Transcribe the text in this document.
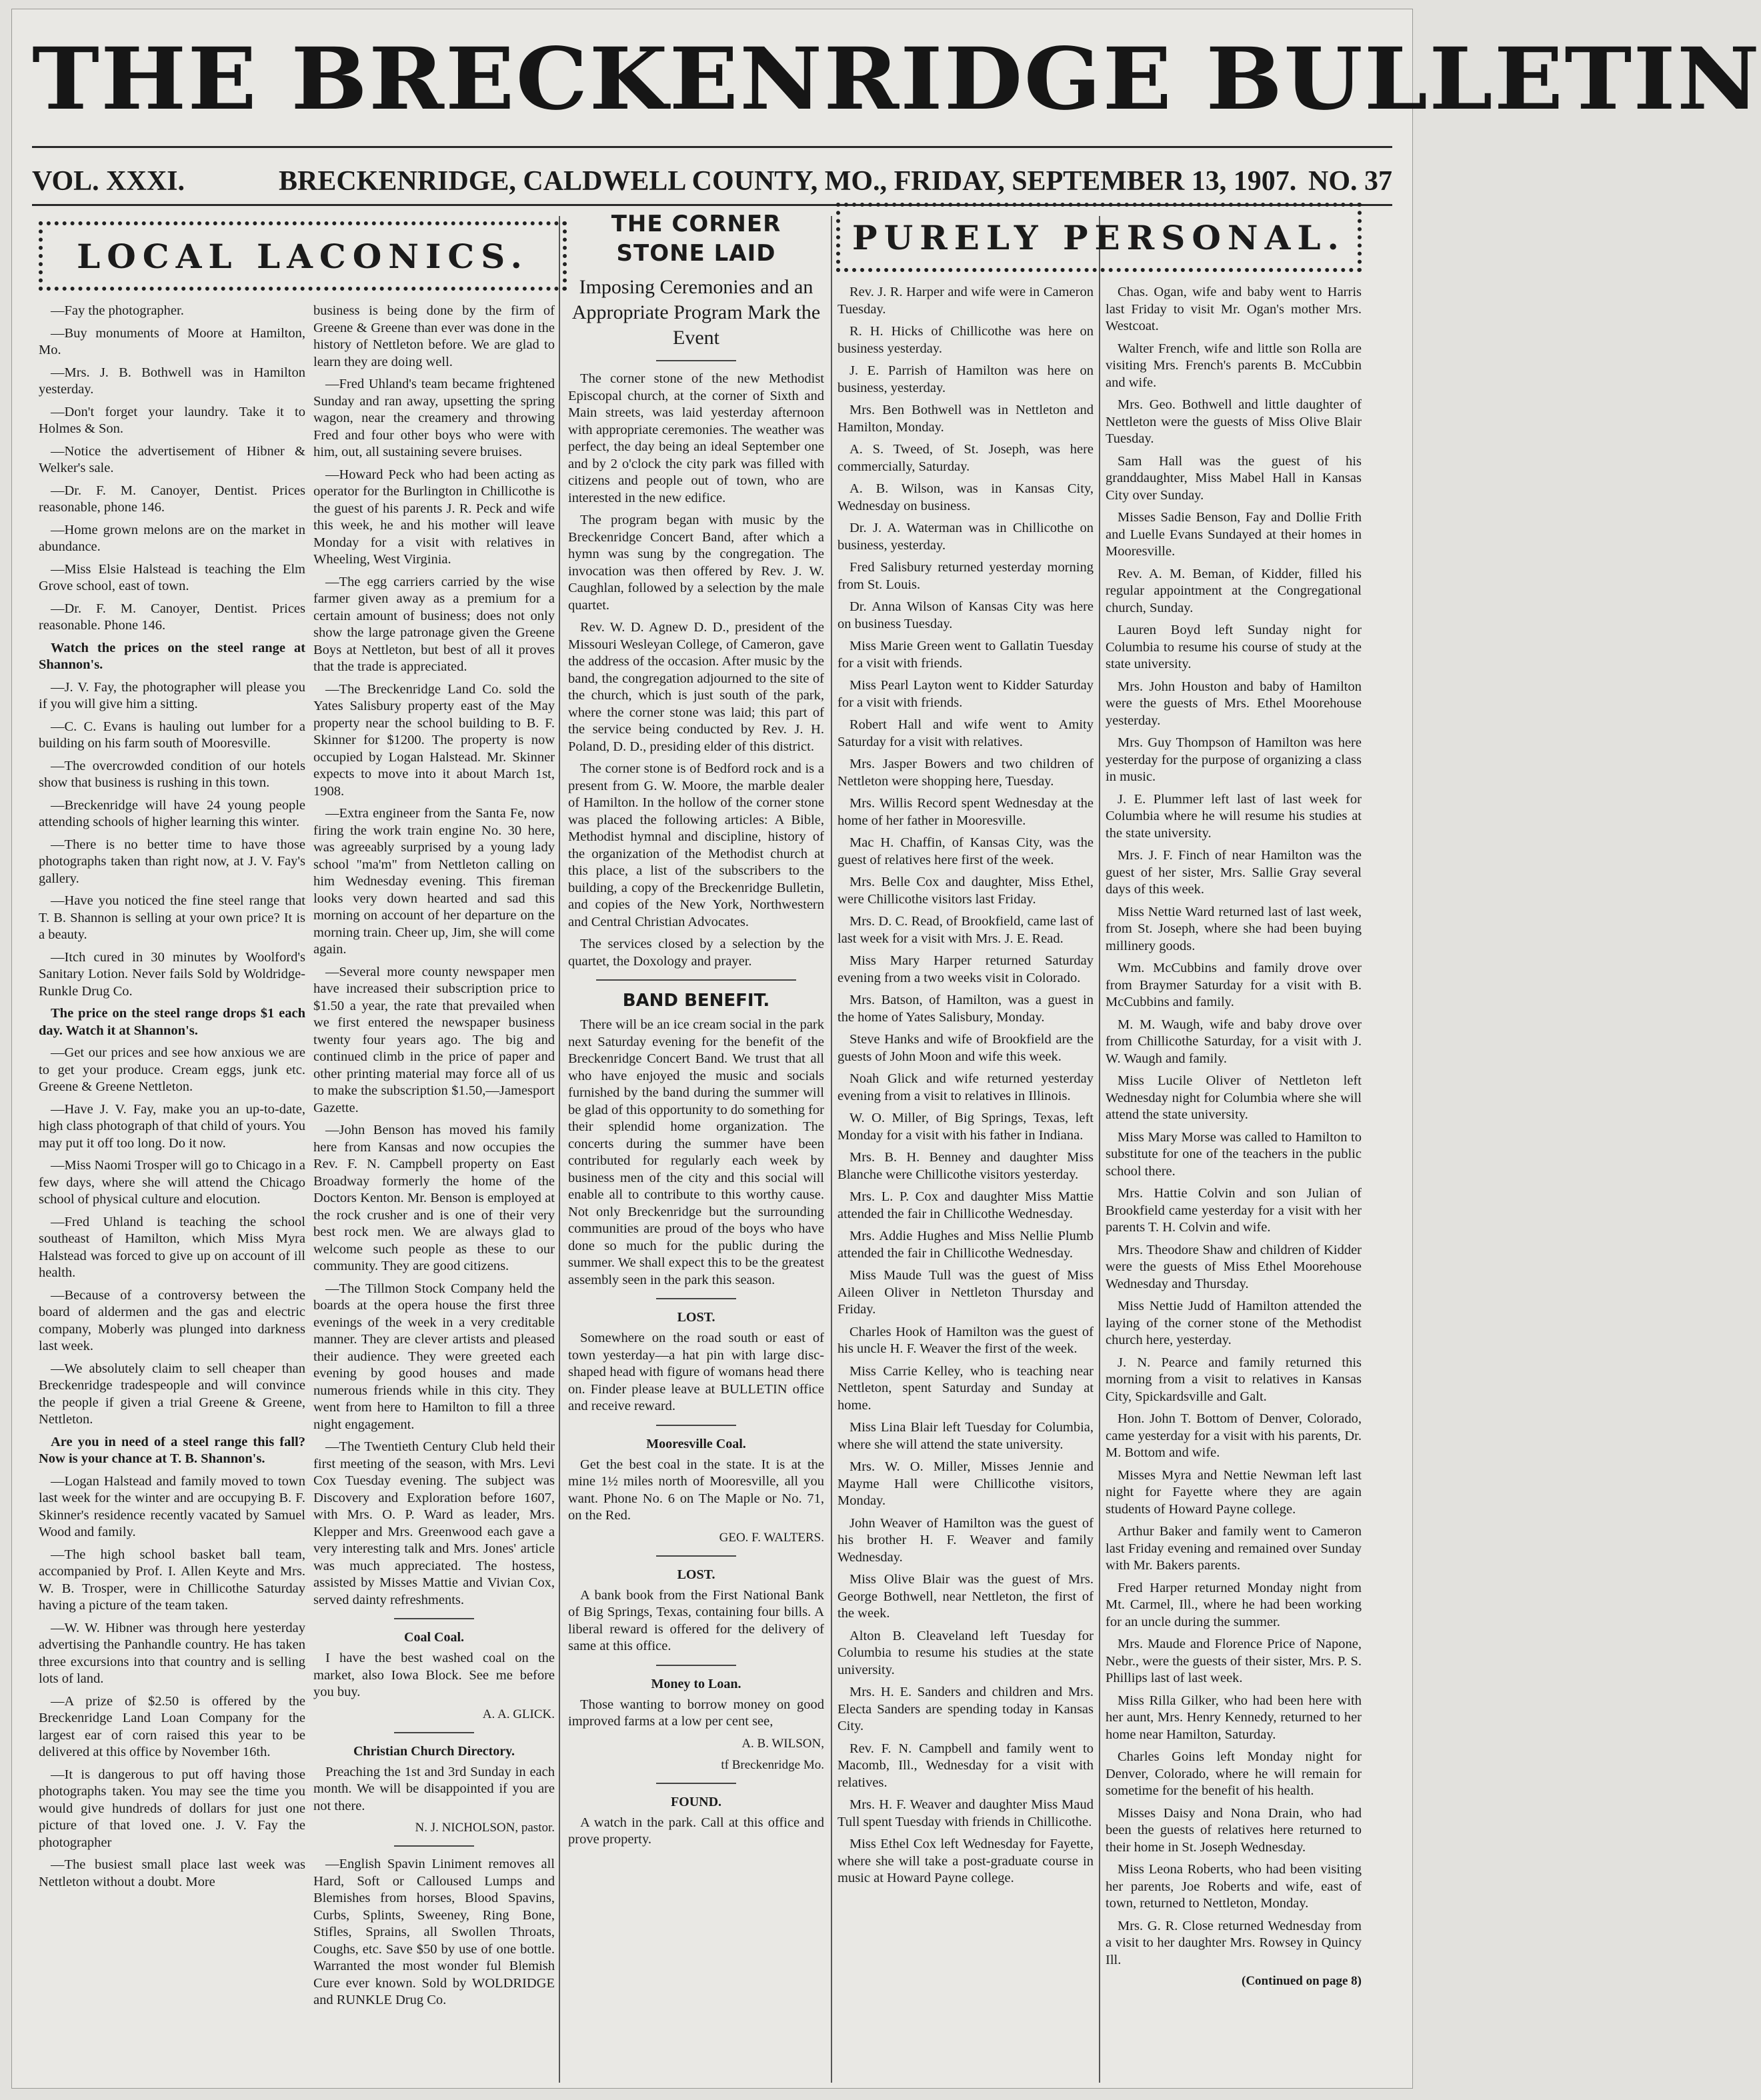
THE BRECKENRIDGE BULLETIN
VOL. XXXI.	BRECKENRIDGE, CALDWELL COUNTY, MO., FRIDAY, SEPTEMBER 13, 1907. NO. 37
LOCAL LACONICS.	PURELY PERSONAL.

—Fay the photographer.

—Buy monuments of Moore at Hamilton, Mo.

—Mrs. J. B. Bothwell was in Hamilton yesterday.

—Don't forget your laundry. Take it to Holmes & Son.

—Notice the advertisement of Hibner & Welker's sale.

—Dr. F. M. Canoyer, Dentist. Prices reasonable, phone 146.

—Home grown melons are on the market in abundance.

—Miss Elsie Halstead is teaching the Elm Grove school, east of town.

—Dr. F. M. Canoyer, Dentist. Prices reasonable. Phone 146.

Watch the prices on the steel range at Shannon's.

—J. V. Fay, the photographer will please you if you will give him a sitting.

—C. C. Evans is hauling out lumber for a building on his farm south of Mooresville.

—The overcrowded condition of our hotels show that business is rushing in this town.

—Breckenridge will have 24 young people attending schools of higher learning this winter.

—There is no better time to have those photographs taken than right now, at J. V. Fay's gallery.

—Have you noticed the fine steel range that T. B. Shannon is selling at your own price? It is a beauty.

—Itch cured in 30 minutes by Woolford's Sanitary Lotion. Never fails Sold by Woldridge-Runkle Drug Co.

The price on the steel range drops $1 each day. Watch it at Shannon's.

—Get our prices and see how anxious we are to get your produce. Cream eggs, junk etc. Greene & Greene Nettleton.

—Have J. V. Fay, make you an up-to-date, high class photograph of that child of yours. You may put it off too long. Do it now.

—Miss Naomi Trosper will go to Chicago in a few days, where she will attend the Chicago school of physical culture and elocution.

—Fred Uhland is teaching the school southeast of Hamilton, which Miss Myra Halstead was forced to give up on account of ill health.

—Because of a controversy between the board of aldermen and the gas and electric company, Moberly was plunged into darkness last week.

—We absolutely claim to sell cheaper than Breckenridge tradespeople and will convince the people if given a trial Greene & Greene, Nettleton.

Are you in need of a steel range this fall? Now is your chance at T. B. Shannon's.

—Logan Halstead and family moved to town last week for the winter and are occupying B. F. Skinner's residence recently vacated by Samuel Wood and family.

—The high school basket ball team, accompanied by Prof. I. Allen Keyte and Mrs. W. B. Trosper, were in Chillicothe Saturday having a picture of the team taken.

—W. W. Hibner was through here yesterday advertising the Panhandle country. He has taken three excursions into that country and is selling lots of land.

—A prize of $2.50 is offered by the Breckenridge Land Loan Company for the largest ear of corn raised this year to be delivered at this office by November 16th.

—It is dangerous to put off having those photographs taken. You may see the time you would give hundreds of dollars for just one picture of that loved one. J. V. Fay the photographer

—The busiest small place last week was Nettleton without a doubt. More

business is being done by the firm of Greene & Greene than ever was done in the history of Nettleton before. We are glad to learn they are doing well.

—Fred Uhland's team became frightened Sunday and ran away, upsetting the spring wagon, near the creamery and throwing Fred and four other boys who were with him, out, all sustaining severe bruises.

—Howard Peck who had been acting as operator for the Burlington in Chillicothe is the guest of his parents J. R. Peck and wife this week, he and his mother will leave Monday for a visit with relatives in Wheeling, West Virginia.

—The egg carriers carried by the wise farmer given away as a premium for a certain amount of business; does not only show the large patronage given the Greene Boys at Nettleton, but best of all it proves that the trade is appreciated.

—The Breckenridge Land Co. sold the Yates Salisbury property east of the May property near the school building to B. F. Skinner for $1200. The property is now occupied by Logan Halstead. Mr. Skinner expects to move into it about March 1st, 1908.

—Extra engineer from the Santa Fe, now firing the work train engine No. 30 here, was agreeably surprised by a young lady school "ma'm" from Nettleton calling on him Wednesday evening. This fireman looks very down hearted and sad this morning on account of her departure on the morning train. Cheer up, Jim, she will come again.

—Several more county newspaper men have increased their subscription price to $1.50 a year, the rate that prevailed when we first entered the newspaper business twenty four years ago. The big and continued climb in the price of paper and other printing material may force all of us to make the subscription $1.50,—Jamesport Gazette.

—John Benson has moved his family here from Kansas and now occupies the Rev. F. N. Campbell property on East Broadway formerly the home of the Doctors Kenton. Mr. Benson is employed at the rock crusher and is one of their very best rock men. We are always glad to welcome such people as these to our community. They are good citizens.

—The Tillmon Stock Company held the boards at the opera house the first three evenings of the week in a very creditable manner. They are clever artists and pleased their audience. They were greeted each evening by good houses and made numerous friends while in this city. They went from here to Hamilton to fill a three night engagement.

—The Twentieth Century Club held their first meeting of the season, with Mrs. Levi Cox Tuesday evening. The subject was Discovery and Exploration before 1607, with Mrs. O. P. Ward as leader, Mrs. Klepper and Mrs. Greenwood each gave a very interesting talk and Mrs. Jones' article was much appreciated. The hostess, assisted by Misses Mattie and Vivian Cox, served dainty refreshments.

Coal Coal.

I have the best washed coal on the market, also Iowa Block. See me before you buy.

A. A. GLICK.
Christian Church Directory.

Preaching the 1st and 3rd Sunday in each month. We will be disappointed if you are not there.

N. J. NICHOLSON, pastor.

—English Spavin Liniment removes all Hard, Soft or Calloused Lumps and Blemishes from horses, Blood Spavins, Curbs, Splints, Sweeney, Ring Bone, Stifles, Sprains, all Swollen Throats, Coughs, etc. Save $50 by use of one bottle. Warranted the most wonder ful Blemish Cure ever known. Sold by WOLDRIDGE and RUNKLE Drug Co.

THE CORNER STONE LAID
Imposing Ceremonies and an Appropriate Program Mark the Event

The corner stone of the new Methodist Episcopal church, at the corner of Sixth and Main streets, was laid yesterday afternoon with appropriate ceremonies. The weather was perfect, the day being an ideal September one and by 2 o'clock the city park was filled with citizens and people out of town, who are interested in the new edifice.

The program began with music by the Breckenridge Concert Band, after which a hymn was sung by the congregation. The invocation was then offered by Rev. J. W. Caughlan, followed by a selection by the male quartet.

Rev. W. D. Agnew D. D., president of the Missouri Wesleyan College, of Cameron, gave the address of the occasion. After music by the band, the congregation adjourned to the site of the church, which is just south of the park, where the corner stone was laid; this part of the service being conducted by Rev. J. H. Poland, D. D., presiding elder of this district.

The corner stone is of Bedford rock and is a present from G. W. Moore, the marble dealer of Hamilton. In the hollow of the corner stone was placed the following articles: A Bible, Methodist hymnal and discipline, history of the organization of the Methodist church at this place, a list of the subscribers to the building, a copy of the Breckenridge Bulletin, and copies of the New York, Northwestern and Central Christian Advocates.

The services closed by a selection by the quartet, the Doxology and prayer.

BAND BENEFIT.

There will be an ice cream social in the park next Saturday evening for the benefit of the Breckenridge Concert Band. We trust that all who have enjoyed the music and socials furnished by the band during the summer will be glad of this opportunity to do something for their splendid home organization. The concerts during the summer have been contributed for regularly each week by business men of the city and this social will enable all to contribute to this worthy cause. Not only Breckenridge but the surrounding communities are proud of the boys who have done so much for the public during the summer. We shall expect this to be the greatest assembly seen in the park this season.

LOST.

Somewhere on the road south or east of town yesterday—a hat pin with large disc-shaped head with figure of womans head there on. Finder please leave at BULLETIN office and receive reward.

Mooresville Coal.

Get the best coal in the state. It is at the mine 1½ miles north of Mooresville, all you want. Phone No. 6 on The Maple or No. 71, on the Red.

GEO. F. WALTERS.
LOST.

A bank book from the First National Bank of Big Springs, Texas, containing four bills. A liberal reward is offered for the delivery of same at this office.

Money to Loan.

Those wanting to borrow money on good improved farms at a low per cent see,

A. B. WILSON,
tf Breckenridge Mo.
FOUND.

A watch in the park. Call at this office and prove property.

Rev. J. R. Harper and wife were in Cameron Tuesday.

R. H. Hicks of Chillicothe was here on business yesterday.

J. E. Parrish of Hamilton was here on business, yesterday.

Mrs. Ben Bothwell was in Nettleton and Hamilton, Monday.

A. S. Tweed, of St. Joseph, was here commercially, Saturday.

A. B. Wilson, was in Kansas City, Wednesday on business.

Dr. J. A. Waterman was in Chillicothe on business, yesterday.

Fred Salisbury returned yesterday morning from St. Louis.

Dr. Anna Wilson of Kansas City was here on business Tuesday.

Miss Marie Green went to Gallatin Tuesday for a visit with friends.

Miss Pearl Layton went to Kidder Saturday for a visit with friends.

Robert Hall and wife went to Amity Saturday for a visit with relatives.

Mrs. Jasper Bowers and two children of Nettleton were shopping here, Tuesday.

Mrs. Willis Record spent Wednesday at the home of her father in Mooresville.

Mac H. Chaffin, of Kansas City, was the guest of relatives here first of the week.

Mrs. Belle Cox and daughter, Miss Ethel, were Chillicothe visitors last Friday.

Mrs. D. C. Read, of Brookfield, came last of last week for a visit with Mrs. J. E. Read.

Miss Mary Harper returned Saturday evening from a two weeks visit in Colorado.

Mrs. Batson, of Hamilton, was a guest in the home of Yates Salisbury, Monday.

Steve Hanks and wife of Brookfield are the guests of John Moon and wife this week.

Noah Glick and wife returned yesterday evening from a visit to relatives in Illinois.

W. O. Miller, of Big Springs, Texas, left Monday for a visit with his father in Indiana.

Mrs. B. H. Benney and daughter Miss Blanche were Chillicothe visitors yesterday.

Mrs. L. P. Cox and daughter Miss Mattie attended the fair in Chillicothe Wednesday.

Mrs. Addie Hughes and Miss Nellie Plumb attended the fair in Chillicothe Wednesday.

Miss Maude Tull was the guest of Miss Aileen Oliver in Nettleton Thursday and Friday.

Charles Hook of Hamilton was the guest of his uncle H. F. Weaver the first of the week.

Miss Carrie Kelley, who is teaching near Nettleton, spent Saturday and Sunday at home.

Miss Lina Blair left Tuesday for Columbia, where she will attend the state university.

Mrs. W. O. Miller, Misses Jennie and Mayme Hall were Chillicothe visitors, Monday.

John Weaver of Hamilton was the guest of his brother H. F. Weaver and family Wednesday.

Miss Olive Blair was the guest of Mrs. George Bothwell, near Nettleton, the first of the week.

Alton B. Cleaveland left Tuesday for Columbia to resume his studies at the state university.

Mrs. H. E. Sanders and children and Mrs. Electa Sanders are spending today in Kansas City.

Rev. F. N. Campbell and family went to Macomb, Ill., Wednesday for a visit with relatives.

Mrs. H. F. Weaver and daughter Miss Maud Tull spent Tuesday with friends in Chillicothe.

Miss Ethel Cox left Wednesday for Fayette, where she will take a post-graduate course in music at Howard Payne college.

Chas. Ogan, wife and baby went to Harris last Friday to visit Mr. Ogan's mother Mrs. Westcoat.

Walter French, wife and little son Rolla are visiting Mrs. French's parents B. McCubbin and wife.

Mrs. Geo. Bothwell and little daughter of Nettleton were the guests of Miss Olive Blair Tuesday.

Sam Hall was the guest of his granddaughter, Miss Mabel Hall in Kansas City over Sunday.

Misses Sadie Benson, Fay and Dollie Frith and Luelle Evans Sundayed at their homes in Mooresville.

Rev. A. M. Beman, of Kidder, filled his regular appointment at the Congregational church, Sunday.

Lauren Boyd left Sunday night for Columbia to resume his course of study at the state university.

Mrs. John Houston and baby of Hamilton were the guests of Mrs. Ethel Moorehouse yesterday.

Mrs. Guy Thompson of Hamilton was here yesterday for the purpose of organizing a class in music.

J. E. Plummer left last of last week for Columbia where he will resume his studies at the state university.

Mrs. J. F. Finch of near Hamilton was the guest of her sister, Mrs. Sallie Gray several days of this week.

Miss Nettie Ward returned last of last week, from St. Joseph, where she had been buying millinery goods.

Wm. McCubbins and family drove over from Braymer Saturday for a visit with B. McCubbins and family.

M. M. Waugh, wife and baby drove over from Chillicothe Saturday, for a visit with J. W. Waugh and family.

Miss Lucile Oliver of Nettleton left Wednesday night for Columbia where she will attend the state university.

Miss Mary Morse was called to Hamilton to substitute for one of the teachers in the public school there.

Mrs. Hattie Colvin and son Julian of Brookfield came yesterday for a visit with her parents T. H. Colvin and wife.

Mrs. Theodore Shaw and children of Kidder were the guests of Miss Ethel Moorehouse Wednesday and Thursday.

Miss Nettie Judd of Hamilton attended the laying of the corner stone of the Methodist church here, yesterday.

J. N. Pearce and family returned this morning from a visit to relatives in Kansas City, Spickardsville and Galt.

Hon. John T. Bottom of Denver, Colorado, came yesterday for a visit with his parents, Dr. M. Bottom and wife.

Misses Myra and Nettie Newman left last night for Fayette where they are again students of Howard Payne college.

Arthur Baker and family went to Cameron last Friday evening and remained over Sunday with Mr. Bakers parents.

Fred Harper returned Monday night from Mt. Carmel, Ill., where he had been working for an uncle during the summer.

Mrs. Maude and Florence Price of Napone, Nebr., were the guests of their sister, Mrs. P. S. Phillips last of last week.

Miss Rilla Gilker, who had been here with her aunt, Mrs. Henry Kennedy, returned to her home near Hamilton, Saturday.

Charles Goins left Monday night for Denver, Colorado, where he will remain for sometime for the benefit of his health.

Misses Daisy and Nona Drain, who had been the guests of relatives here returned to their home in St. Joseph Wednesday.

Miss Leona Roberts, who had been visiting her parents, Joe Roberts and wife, east of town, returned to Nettleton, Monday.

Mrs. G. R. Close returned Wednesday from a visit to her daughter Mrs. Rowsey in Quincy Ill.

(Continued on page 8)
